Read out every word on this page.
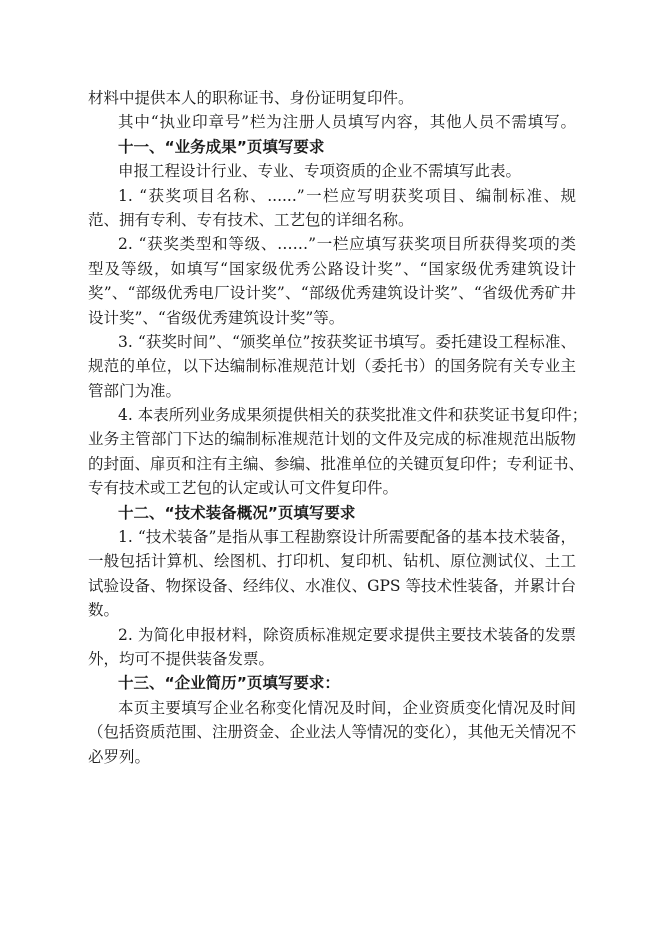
材料中提供本人的职称证书、身份证明复印件。
其中“执业印章号”栏为注册人员填写内容，其他人员不需填写。
十一、“业务成果”页填写要求
申报工程设计行业、专业、专项资质的企业不需填写此表。
1. “获奖项目名称、......”一栏应写明获奖项目、编制标准、规
范、拥有专利、专有技术、工艺包的详细名称。
2. “获奖类型和等级、……”一栏应填写获奖项目所获得奖项的类
型及等级，如填写“国家级优秀公路设计奖”、“国家级优秀建筑设计
奖”、“部级优秀电厂设计奖”、“部级优秀建筑设计奖”、“省级优秀矿井
设计奖”、“省级优秀建筑设计奖”等。
3. “获奖时间”、“颁奖单位”按获奖证书填写。委托建设工程标准、
规范的单位，以下达编制标准规范计划（委托书）的国务院有关专业主
管部门为准。
4. 本表所列业务成果须提供相关的获奖批准文件和获奖证书复印件；
业务主管部门下达的编制标准规范计划的文件及完成的标准规范出版物
的封面、扉页和注有主编、参编、批准单位的关键页复印件；专利证书、
专有技术或工艺包的认定或认可文件复印件。
十二、“技术装备概况”页填写要求
1. “技术装备”是指从事工程勘察设计所需要配备的基本技术装备，
一般包括计算机、绘图机、打印机、复印机、钻机、原位测试仪、土工
试验设备、物探设备、经纬仪、水准仪、GPS 等技术性装备，并累计台
数。
2. 为简化申报材料，除资质标准规定要求提供主要技术装备的发票
外，均可不提供装备发票。
十三、“企业简历”页填写要求：
本页主要填写企业名称变化情况及时间，企业资质变化情况及时间
（包括资质范围、注册资金、企业法人等情况的变化），其他无关情况不
必罗列。
